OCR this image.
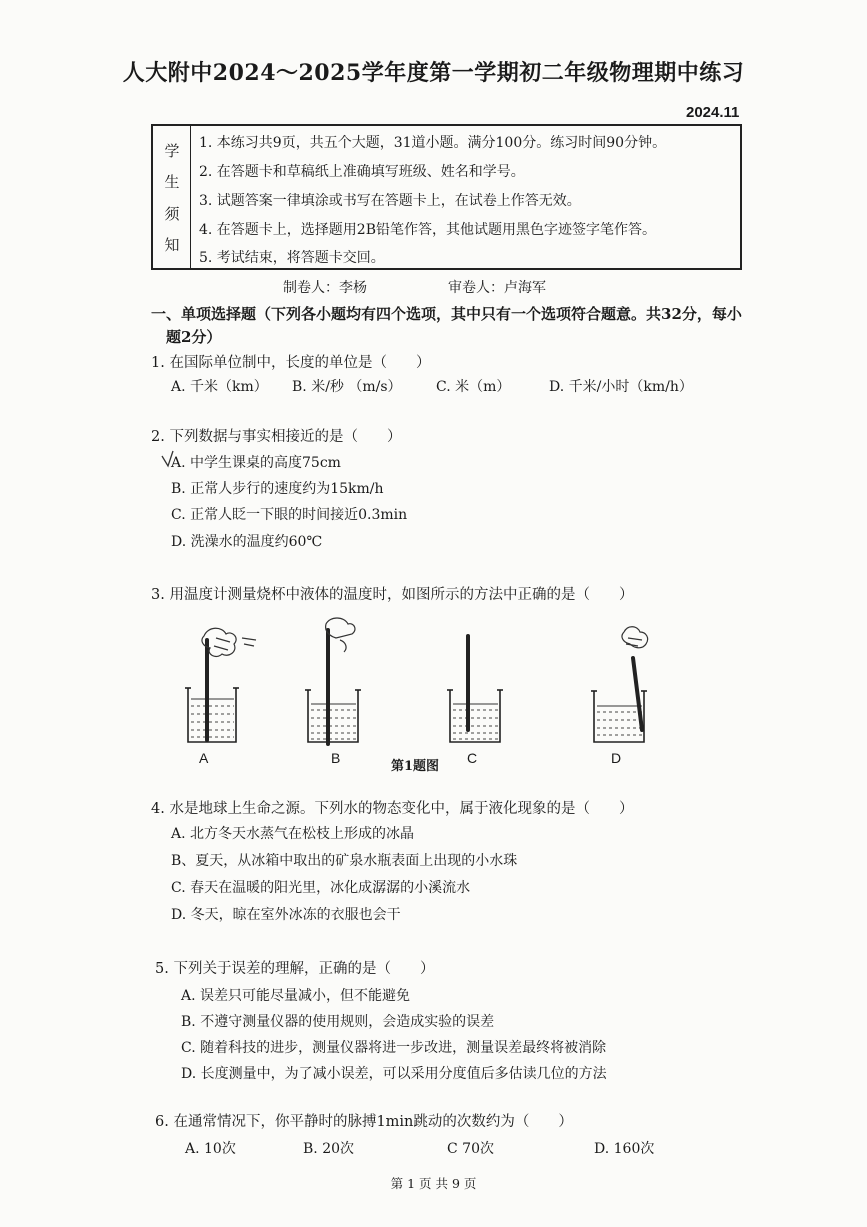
人大附中2024～2025学年度第一学期初二年级物理期中练习
2024.11
学
生
须
知
1. 本练习共9页，共五个大题，31道小题。满分100分。练习时间90分钟。
2. 在答题卡和草稿纸上准确填写班级、姓名和学号。
3. 试题答案一律填涂或书写在答题卡上，在试卷上作答无效。
4. 在答题卡上，选择题用2B铅笔作答，其他试题用黑色字迹签字笔作答。
5. 考试结束，将答题卡交回。
制卷人：李杨	审卷人：卢海军
一、单项选择题（下列各小题均有四个选项，其中只有一个选项符合题意。共32分，每小
题2分）
1. 在国际单位制中，长度的单位是（　　）
A. 千米（km） B. 米/秒 （m/s） C. 米（m）	D. 千米/小时（km/h）
2. 下列数据与事实相接近的是（　　）
A. 中学生课桌的高度75cm
B. 正常人步行的速度约为15km/h
C. 正常人眨一下眼的时间接近0.3min
D. 洗澡水的温度约60℃
3. 用温度计测量烧杯中液体的温度时，如图所示的方法中正确的是（　　）
A	B
第1题图
C	D
4. 水是地球上生命之源。下列水的物态变化中，属于液化现象的是（　　）
A. 北方冬天水蒸气在松枝上形成的冰晶
B、夏天，从冰箱中取出的矿泉水瓶表面上出现的小水珠
C. 春天在温暖的阳光里，冰化成潺潺的小溪流水
D. 冬天，晾在室外冰冻的衣服也会干
5. 下列关于误差的理解，正确的是（　　）
A. 误差只可能尽量减小，但不能避免
B. 不遵守测量仪器的使用规则，会造成实验的误差
C. 随着科技的进步，测量仪器将进一步改进，测量误差最终将被消除
D. 长度测量中，为了减小误差，可以采用分度值后多估读几位的方法
6. 在通常情况下，你平静时的脉搏1min跳动的次数约为（　　）
A. 10次	B. 20次	C 70次	D. 160次
第 1 页 共 9 页
